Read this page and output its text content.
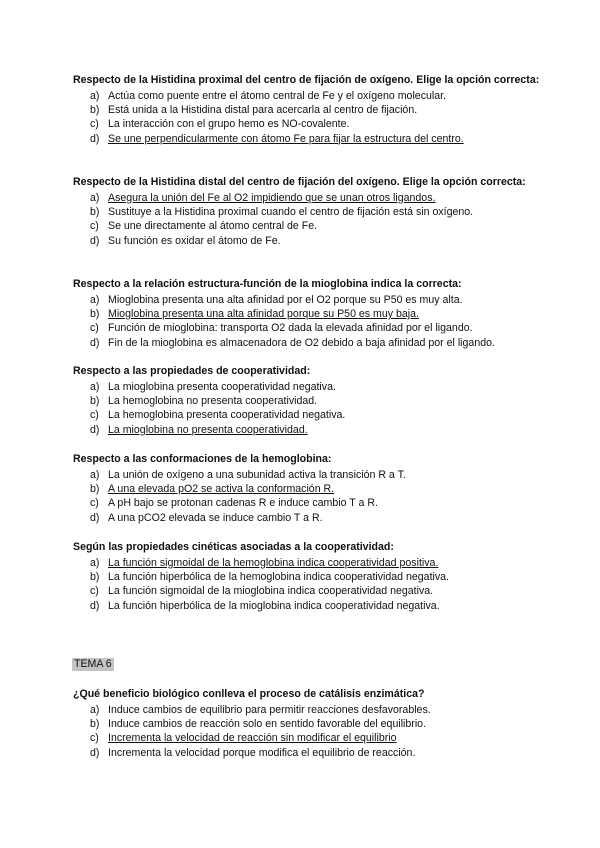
Respecto de la Histidina proximal del centro de fijación de oxígeno. Elige la opción correcta:
a) Actúa como puente entre el átomo central de Fe y el oxígeno molecular.
b) Está unida a la Histidina distal para acercarla al centro de fijación.
c) La interacción con el grupo hemo es NO-covalente.
d) Se une perpendicularmente con átomo Fe para fijar la estructura del centro.
Respecto de la Histidina distal del centro de fijación del oxígeno. Elige la opción correcta:
a) Asegura la unión del Fe al O2 impidiendo que se unan otros ligandos.
b) Sustituye a la Histidina proximal cuando el centro de fijación está sin oxígeno.
c) Se une directamente al átomo central de Fe.
d) Su función es oxidar el átomo de Fe.
Respecto a la relación estructura-función de la mioglobina indica la correcta:
a) Mioglobina presenta una alta afinidad por el O2 porque su P50 es muy alta.
b) Mioglobina presenta una alta afinidad porque su P50 es muy baja.
c) Función de mioglobina: transporta O2 dada la elevada afinidad por el ligando.
d) Fin de la mioglobina es almacenadora de O2 debido a baja afinidad por el ligando.
Respecto a las propiedades de cooperatividad:
a) La mioglobina presenta cooperatividad negativa.
b) La hemoglobina no presenta cooperatividad.
c) La hemoglobina presenta cooperatividad negativa.
d) La mioglobina no presenta cooperatividad.
Respecto a las conformaciones de la hemoglobina:
a) La unión de oxígeno a una subunidad activa la transición R a T.
b) A una elevada pO2 se activa la conformación R.
c) A pH bajo se protonan cadenas R e induce cambio T a R.
d) A una pCO2 elevada se induce cambio T a R.
Según las propiedades cinéticas asociadas a la cooperatividad:
a) La función sigmoidal de la hemoglobina indica cooperatividad positiva.
b) La función hiperbólica de la hemoglobina indica cooperatividad negativa.
c) La función sigmoidal de la mioglobina indica cooperatividad negativa.
d) La función hiperbólica de la mioglobina indica cooperatividad negativa.
TEMA 6
¿Qué beneficio biológico conlleva el proceso de catálisis enzimática?
a) Induce cambios de equilibrio para permitir reacciones desfavorables.
b) Induce cambios de reacción solo en sentido favorable del equilibrio.
c) Incrementa la velocidad de reacción sin modificar el equilibrio
d) Incrementa la velocidad porque modifica el equilibrio de reacción.
